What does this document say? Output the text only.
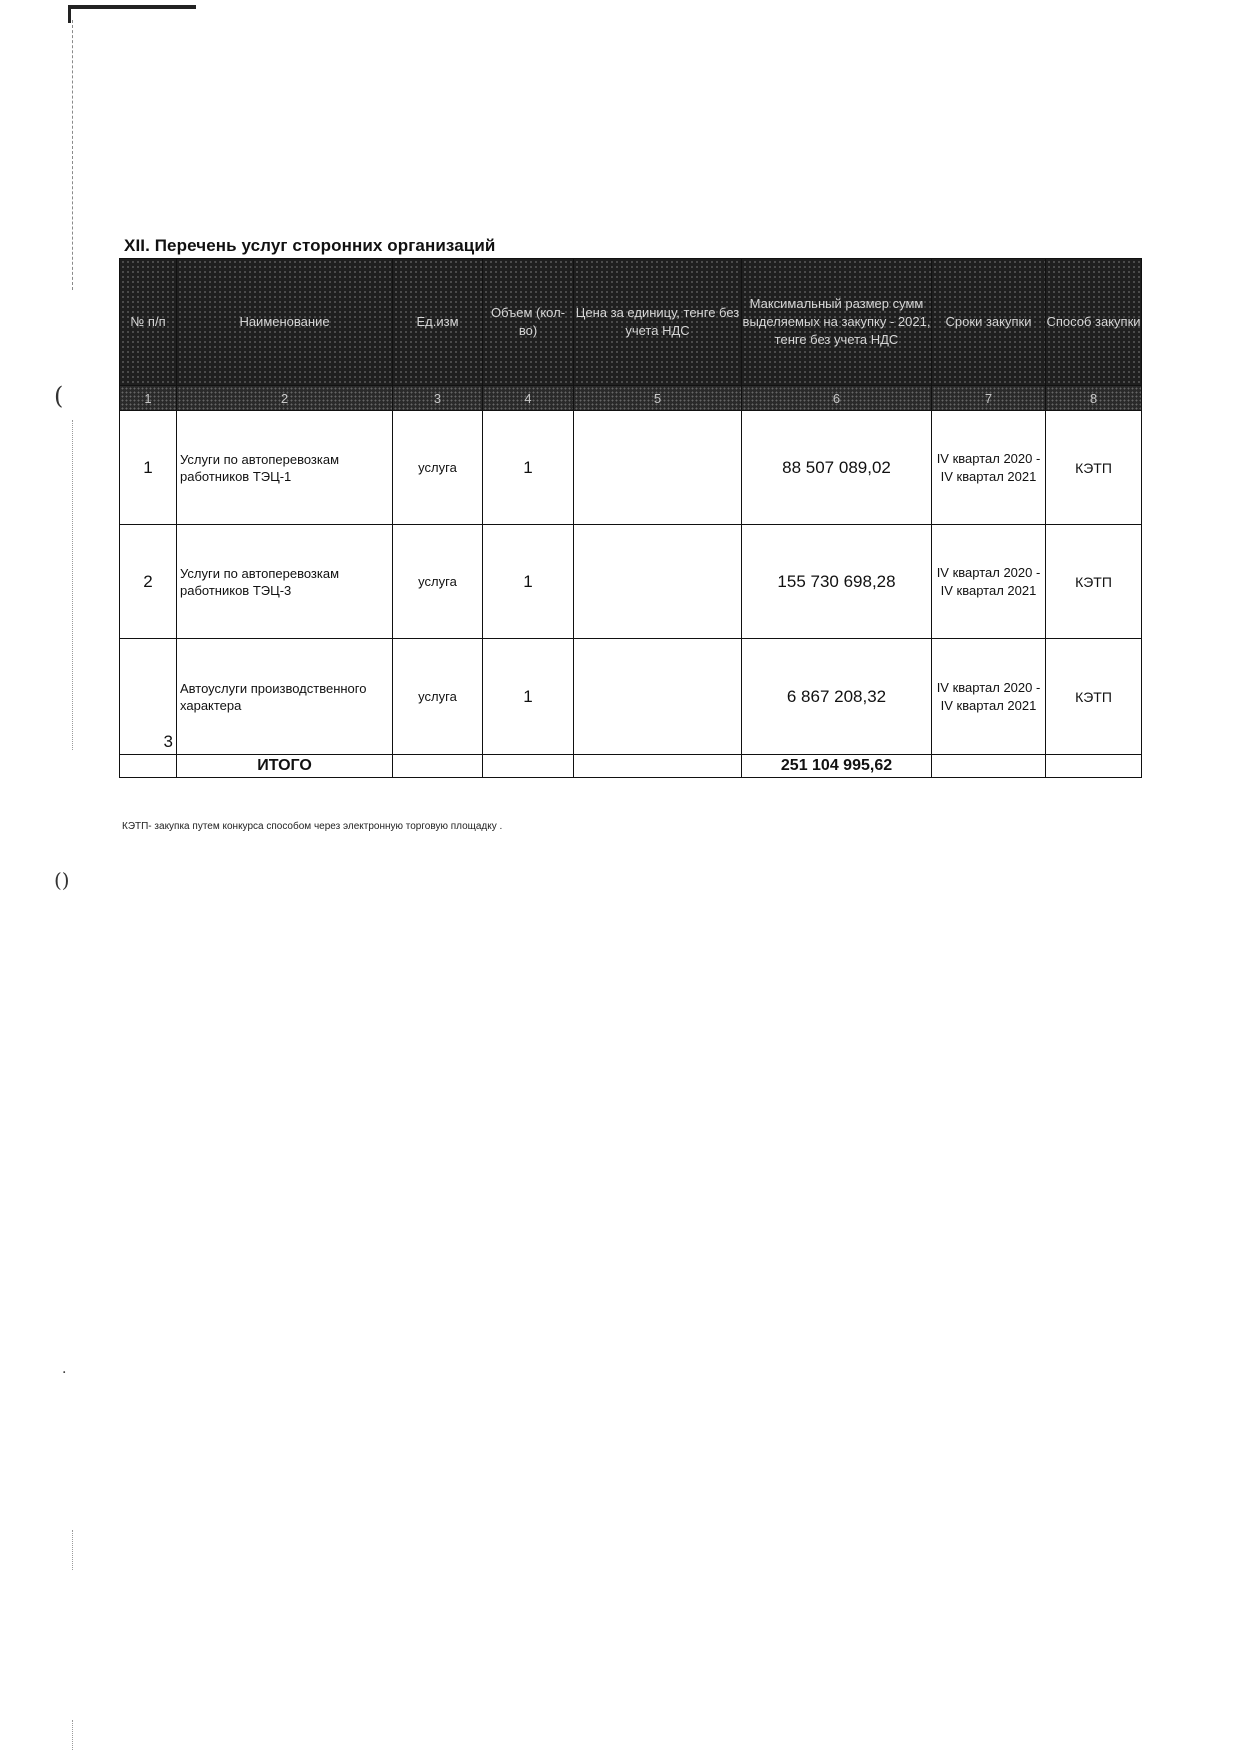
(
()
·
XII. Перечень услуг сторонних организаций
№ п/п	Наименование	Ед.изм	Объем (кол-во)	Цена за единицу, тенге без учета НДС	Максимальный размер сумм выделяемых на закупку - 2021, тенге без учета НДС	Сроки закупки	Способ закупки
1	2	3	4	5	6	7	8
1	Услуги по автоперевозкам работников ТЭЦ-1	услуга	1		88 507 089,02	IV квартал 2020 - IV квартал 2021	КЭТП
2	Услуги по автоперевозкам работников ТЭЦ-3	услуга	1		155 730 698,28	IV квартал 2020 - IV квартал 2021	КЭТП
3	Автоуслуги производственного характера	услуга	1		6 867 208,32	IV квартал 2020 - IV квартал 2021	КЭТП
	ИТОГО				251 104 995,62		
КЭТП- закупка путем конкурса способом через электронную торговую площадку .
